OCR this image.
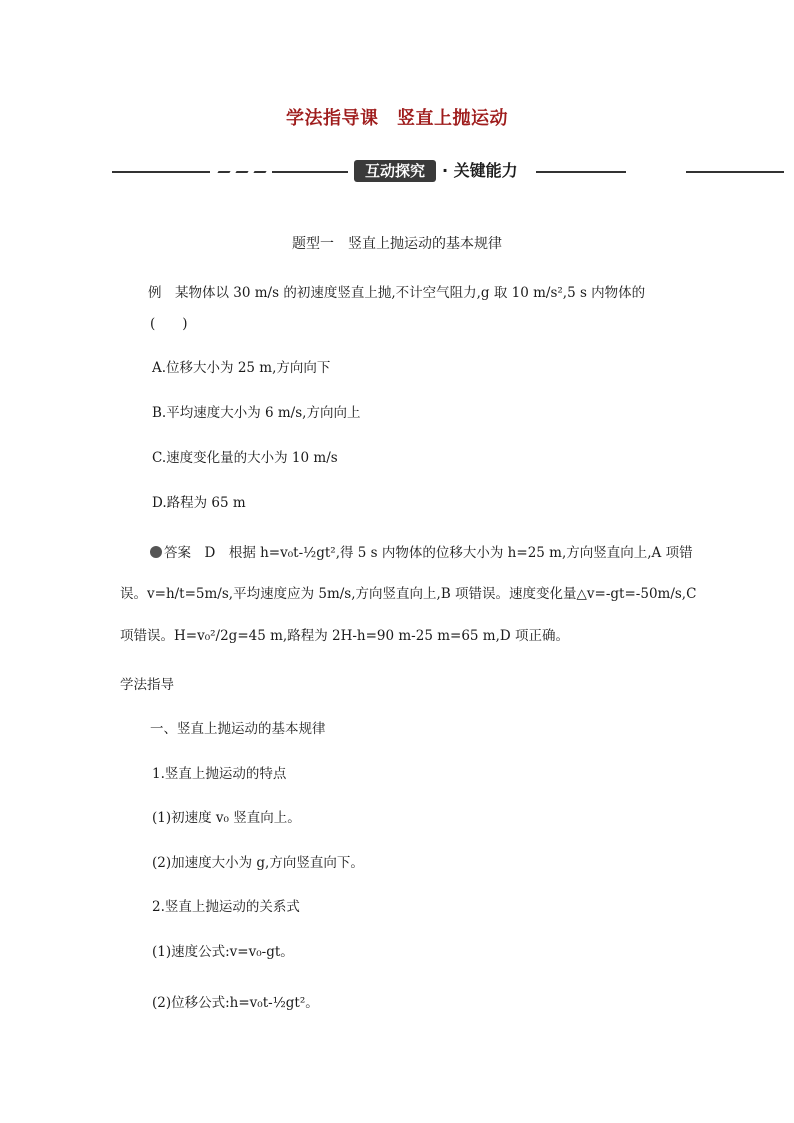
学法指导课　竖直上抛运动
互动探究	· 关键能力
题型一　竖直上抛运动的基本规律
例　某物体以 30 m/s 的初速度竖直上抛,不计空气阻力,g 取 10 m/s²,5 s 内物体的
(　　)
A.位移大小为 25 m,方向向下
B.平均速度大小为 6 m/s,方向向上
C.速度变化量的大小为 10 m/s
D.路程为 65 m
答案　D　根据 h=v₀t-½gt²,得 5 s 内物体的位移大小为 h=25 m,方向竖直向上,A 项错
误。v=h/t=5m/s,平均速度应为 5m/s,方向竖直向上,B 项错误。速度变化量△v=-gt=-50m/s,C
项错误。H=v₀²/2g=45 m,路程为 2H-h=90 m-25 m=65 m,D 项正确。
学法指导
一、竖直上抛运动的基本规律
1.竖直上抛运动的特点
(1)初速度 v₀ 竖直向上。
(2)加速度大小为 g,方向竖直向下。
2.竖直上抛运动的关系式
(1)速度公式:v=v₀-gt。
(2)位移公式:h=v₀t-½gt²。
